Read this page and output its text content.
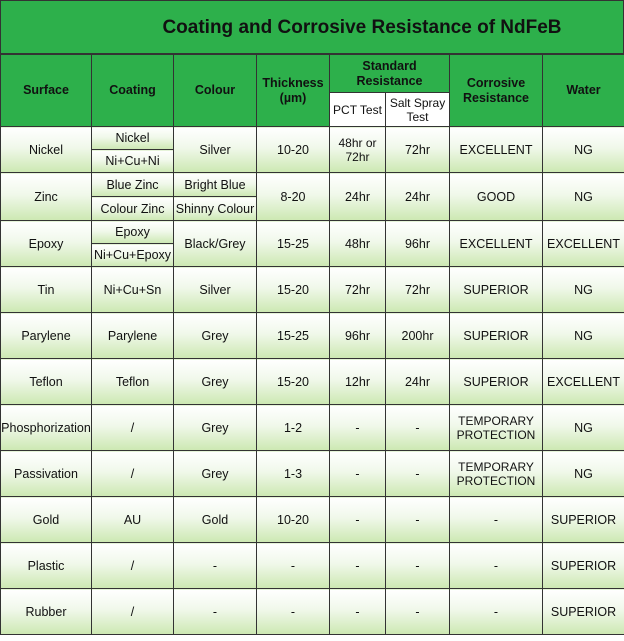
Coating and Corrosive Resistance of NdFeB
Surface	Coating	Colour	Thickness (µm)	Standard Resistance		Corrosive Resistance	Water
				PCT Test	Salt Spray Test		
Nickel	Nickel	Silver	10-20	48hr or 72hr	72hr	EXCELLENT	NG
	Ni+Cu+Ni						
Zinc	Blue Zinc	Bright Blue	8-20	24hr	24hr	GOOD	NG
	Colour Zinc	Shinny Colour					
Epoxy	Epoxy	Black/Grey	15-25	48hr	96hr	EXCELLENT	EXCELLENT
	Ni+Cu+Epoxy						
Tin	Ni+Cu+Sn	Silver	15-20	72hr	72hr	SUPERIOR	NG
Parylene	Parylene	Grey	15-25	96hr	200hr	SUPERIOR	NG
Teflon	Teflon	Grey	15-20	12hr	24hr	SUPERIOR	EXCELLENT
Phosphorization	/	Grey	1-2	-	-	TEMPORARY PROTECTION	NG
Passivation	/	Grey	1-3	-	-	TEMPORARY PROTECTION	NG
Gold	AU	Gold	10-20	-	-	-	SUPERIOR
Plastic	/	-	-	-	-	-	SUPERIOR
Rubber	/	-	-	-	-	-	SUPERIOR
